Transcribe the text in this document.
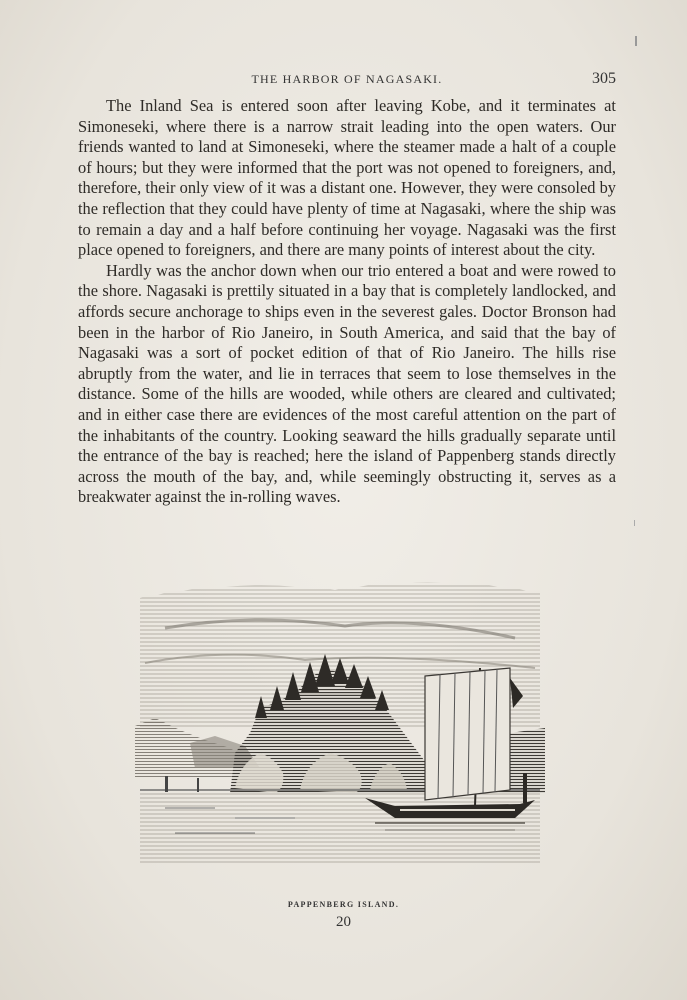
THE HARBOR OF NAGASAKI.	305

The Inland Sea is entered soon after leaving Kobe, and it terminates at Simoneseki, where there is a narrow strait leading into the open waters. Our friends wanted to land at Simoneseki, where the steamer made a halt of a couple of hours; but they were informed that the port was not opened to foreigners, and, therefore, their only view of it was a distant one. However, they were consoled by the reflection that they could have plenty of time at Nagasaki, where the ship was to remain a day and a half before continuing her voyage. Nagasaki was the first place opened to foreigners, and there are many points of interest about the city.

Hardly was the anchor down when our trio entered a boat and were rowed to the shore. Nagasaki is prettily situated in a bay that is completely landlocked, and affords secure anchorage to ships even in the severest gales. Doctor Bronson had been in the harbor of Rio Janeiro, in South America, and said that the bay of Nagasaki was a sort of pocket edition of that of Rio Janeiro. The hills rise abruptly from the water, and lie in terraces that seem to lose themselves in the distance. Some of the hills are wooded, while others are cleared and cultivated; and in either case there are evidences of the most careful attention on the part of the inhabitants of the country. Looking seaward the hills gradually separate until the entrance of the bay is reached; here the island of Pappenberg stands directly across the mouth of the bay, and, while seemingly obstructing it, serves as a breakwater against the in-rolling waves.

PAPPENBERG ISLAND.
20
